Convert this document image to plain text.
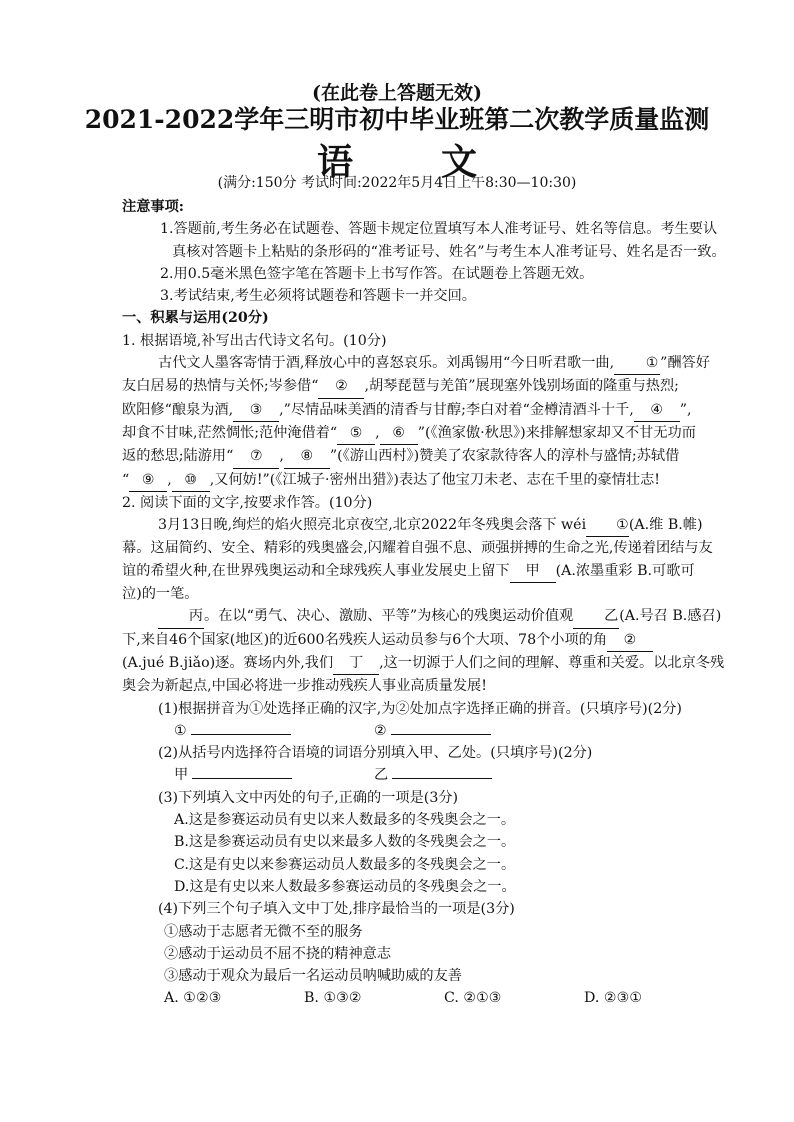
(在此卷上答题无效)
2021-2022学年三明市初中毕业班第二次教学质量监测
语 文
(满分:150分 考试时间:2022年5月4日上午8:30—10:30)

注意事项:

1.答题前,考生务必在试题卷、答题卡规定位置填写本人准考证号、姓名等信息。考生要认

真核对答题卡上粘贴的条形码的“准考证号、姓名”与考生本人准考证号、姓名是否一致。

2.用0.5毫米黑色签字笔在答题卡上书写作答。在试题卷上答题无效。

3.考试结束,考生必须将试题卷和答题卡一并交回。

一、积累与运用(20分)

1. 根据语境,补写出古代诗文名句。(10分)

古代文人墨客寄情于酒,释放心中的喜怒哀乐。刘禹锡用“今日听君歌一曲, ① ”酬答好

友白居易的热情与关怀;岑参借“ ② ,胡琴琵琶与羌笛”展现塞外饯别场面的隆重与热烈;

欧阳修“酿泉为酒, ③ ,”尽情品味美酒的清香与甘醇;李白对着“金樽清酒斗十千, ④ ”,

却食不甘味,茫然惆怅;范仲淹借着“ ⑤ , ⑥ ”(《渔家傲·秋思》)来排解想家却又不甘无功而

返的愁思;陆游用“ ⑦ , ⑧ ”(《游山西村》)赞美了农家款待客人的淳朴与盛情;苏轼借

“ ⑨ , ⑩ ,又何妨!”(《江城子·密州出猎》)表达了他宝刀未老、志在千里的豪情壮志!

2. 阅读下面的文字,按要求作答。(10分)

3月13日晚,绚烂的焰火照亮北京夜空,北京2022年冬残奥会落下 wéi ①(A.维 B.帷)

幕。这届简约、安全、精彩的残奥盛会,闪耀着自强不息、顽强拼搏的生命之光,传递着团结与友

谊的希望火种,在世界残奥运动和全球残疾人事业发展史上留下 甲 (A.浓墨重彩 B.可歌可

泣)的一笔。

丙。在以“勇气、决心、激励、平等”为核心的残奥运动价值观 乙(A.号召 B.感召)

下,来自46个国家(地区)的近600名残疾人运动员参与6个大项、78个小项的角 ②

(A.jué B.jiǎo)逐。赛场内外,我们 丁 ,这一切源于人们之间的理解、尊重和关爱。以北京冬残

奥会为新起点,中国必将进一步推动残疾人事业高质量发展!

(1)根据拼音为①处选择正确的汉字,为②处加点字选择正确的拼音。(只填序号)(2分)

①	②

(2)从括号内选择符合语境的词语分别填入甲、乙处。(只填序号)(2分)

甲	乙

(3)下列填入文中丙处的句子,正确的一项是(3分)

A.这是参赛运动员有史以来人数最多的冬残奥会之一。

B.这是参赛运动员有史以来最多人数的冬残奥会之一。

C.这是有史以来参赛运动员人数最多的冬残奥会之一。

D.这是有史以来人数最多参赛运动员的冬残奥会之一。

(4)下列三个句子填入文中丁处,排序最恰当的一项是(3分)

①感动于志愿者无微不至的服务

②感动于运动员不屈不挠的精神意志

③感动于观众为最后一名运动员呐喊助威的友善

A. ①②③	B. ①③②	C. ②①③	D. ②③①
